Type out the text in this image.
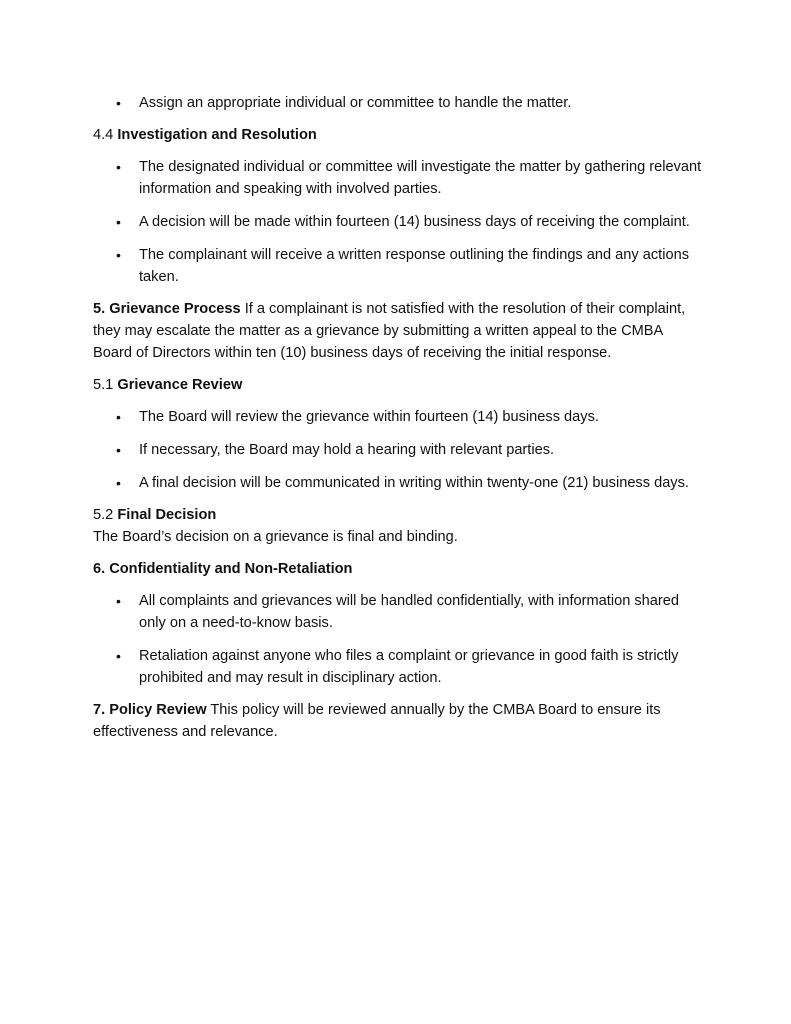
• Assign an appropriate individual or committee to handle the matter.

4.4 Investigation and Resolution

• The designated individual or committee will investigate the matter by gathering relevant information and speaking with involved parties.
• A decision will be made within fourteen (14) business days of receiving the complaint.
• The complainant will receive a written response outlining the findings and any actions taken.

5. Grievance Process If a complainant is not satisfied with the resolution of their complaint, they may escalate the matter as a grievance by submitting a written appeal to the CMBA Board of Directors within ten (10) business days of receiving the initial response.

5.1 Grievance Review

• The Board will review the grievance within fourteen (14) business days.
• If necessary, the Board may hold a hearing with relevant parties.
• A final decision will be communicated in writing within twenty-one (21) business days.

5.2 Final Decision

The Board’s decision on a grievance is final and binding.

6. Confidentiality and Non-Retaliation

• All complaints and grievances will be handled confidentially, with information shared only on a need-to-know basis.
• Retaliation against anyone who files a complaint or grievance in good faith is strictly prohibited and may result in disciplinary action.

7. Policy Review This policy will be reviewed annually by the CMBA Board to ensure its effectiveness and relevance.
